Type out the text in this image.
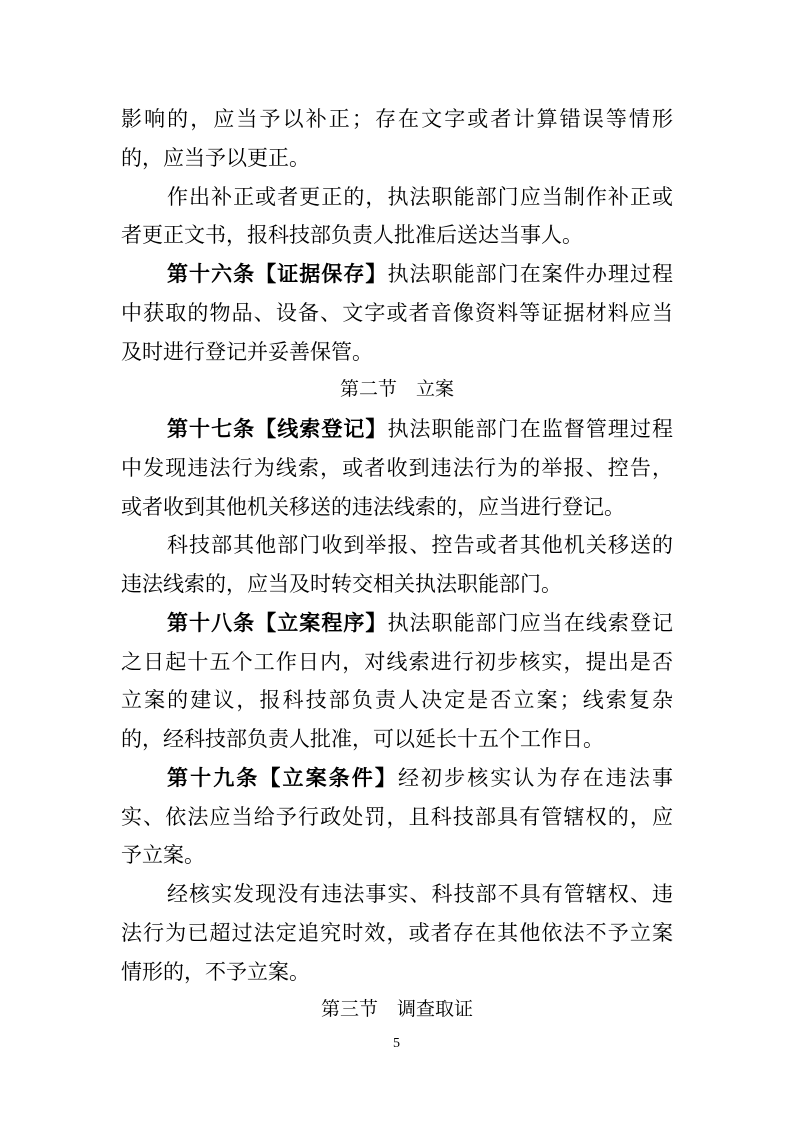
影响的，应当予以补正；存在文字或者计算错误等情形
的，应当予以更正。
作出补正或者更正的，执法职能部门应当制作补正或
者更正文书，报科技部负责人批准后送达当事人。
第十六条【证据保存】执法职能部门在案件办理过程
中获取的物品、设备、文字或者音像资料等证据材料应当
及时进行登记并妥善保管。
第二节　立案
第十七条【线索登记】执法职能部门在监督管理过程
中发现违法行为线索，或者收到违法行为的举报、控告，
或者收到其他机关移送的违法线索的，应当进行登记。
科技部其他部门收到举报、控告或者其他机关移送的
违法线索的，应当及时转交相关执法职能部门。
第十八条【立案程序】执法职能部门应当在线索登记
之日起十五个工作日内，对线索进行初步核实，提出是否
立案的建议，报科技部负责人决定是否立案；线索复杂
的，经科技部负责人批准，可以延长十五个工作日。
第十九条【立案条件】经初步核实认为存在违法事
实、依法应当给予行政处罚，且科技部具有管辖权的，应
予立案。
经核实发现没有违法事实、科技部不具有管辖权、违
法行为已超过法定追究时效，或者存在其他依法不予立案
情形的，不予立案。
第三节　调查取证
5
